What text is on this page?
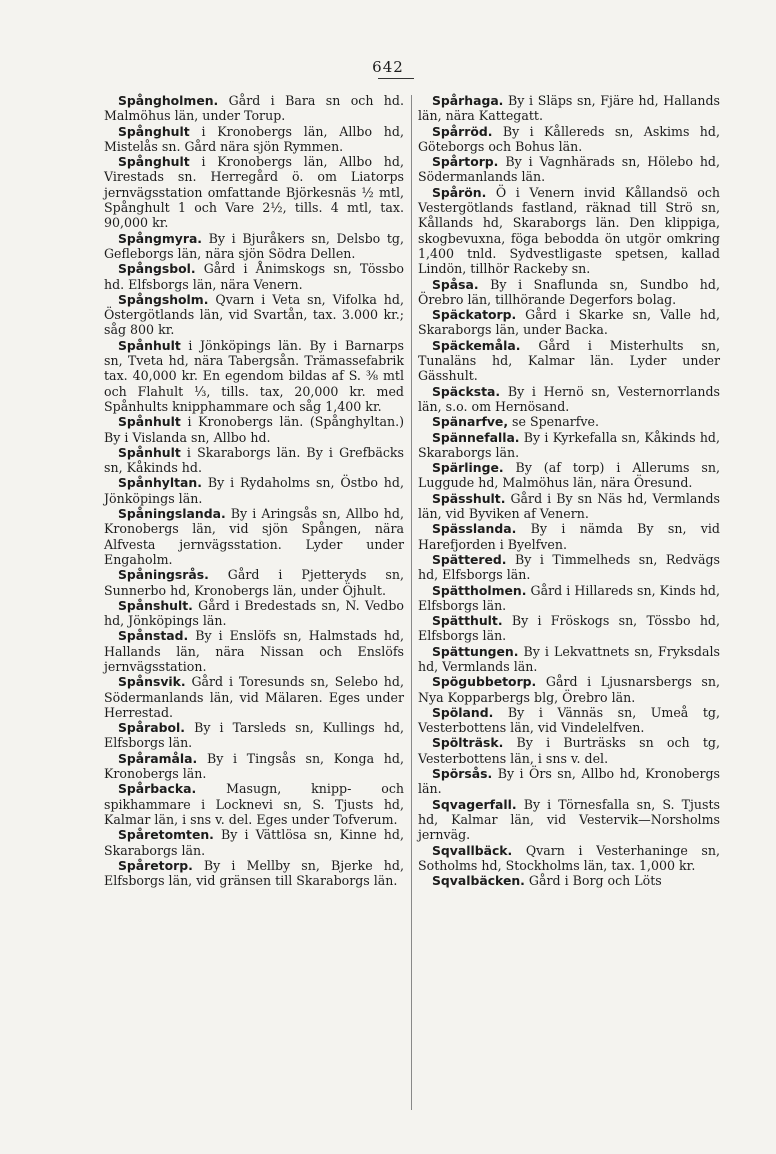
642

Spångholmen. Gård i Bara sn och hd. Malmöhus län, under Torup.

Spånghult i Kronobergs län, Allbo hd, Mistelås sn. Gård nära sjön Rymmen.

Spånghult i Kronobergs län, Allbo hd, Virestads sn. Herregård ö. om Liatorps jernvägsstation omfattande Björkesnäs ½ mtl, Spånghult 1 och Vare 2½, tills. 4 mtl, tax. 90,000 kr.

Spångmyra. By i Bjuråkers sn, Delsbo tg, Gefleborgs län, nära sjön Södra Dellen.

Spångsbol. Gård i Ånimskogs sn, Tössbo hd. Elfsborgs län, nära Venern.

Spångsholm. Qvarn i Veta sn, Vifolka hd, Östergötlands län, vid Svartån, tax. 3.000 kr.; såg 800 kr.

Spånhult i Jönköpings län. By i Barnarps sn, Tveta hd, nära Tabergsån. Trämassefabrik tax. 40,000 kr. En egendom bildas af S. ⅜ mtl och Flahult ⅓, tills. tax, 20,000 kr. med Spånhults knipphammare och såg 1,400 kr.

Spånhult i Kronobergs län. (Spånghyltan.) By i Vislanda sn, Allbo hd.

Spånhult i Skaraborgs län. By i Grefbäcks sn, Kåkinds hd.

Spånhyltan. By i Rydaholms sn, Östbo hd, Jönköpings län.

Spåningslanda. By i Aringsås sn, Allbo hd, Kronobergs län, vid sjön Spången, nära Alfvesta jernvägsstation. Lyder under Engaholm.

Spåningsrås. Gård i Pjetteryds sn, Sunnerbo hd, Kronobergs län, under Öjhult.

Spånshult. Gård i Bredestads sn, N. Vedbo hd, Jönköpings län.

Spånstad. By i Enslöfs sn, Halmstads hd, Hallands län, nära Nissan och Enslöfs jernvägsstation.

Spånsvik. Gård i Toresunds sn, Selebo hd, Södermanlands län, vid Mälaren. Eges under Herrestad.

Spårabol. By i Tarsleds sn, Kullings hd, Elfsborgs län.

Spåramåla. By i Tingsås sn, Konga hd, Kronobergs län.

Spårbacka. Masugn, knipp- och spikhammare i Locknevi sn, S. Tjusts hd, Kalmar län, i sns v. del. Eges under Tofverum.

Spåretomten. By i Vättlösa sn, Kinne hd, Skaraborgs län.

Spåretorp. By i Mellby sn, Bjerke hd, Elfsborgs län, vid gränsen till Skaraborgs län.

Spårhaga. By i Släps sn, Fjäre hd, Hallands län, nära Kattegatt.

Spårröd. By i Kållereds sn, Askims hd, Göteborgs och Bohus län.

Spårtorp. By i Vagnhärads sn, Hölebo hd, Södermanlands län.

Spårön. Ö i Venern invid Kållandsö och Vestergötlands fastland, räknad till Strö sn, Kållands hd, Skaraborgs län. Den klippiga, skogbevuxna, föga bebodda ön utgör omkring 1,400 tnld. Sydvestligaste spetsen, kallad Lindön, tillhör Rackeby sn.

Spåsa. By i Snaflunda sn, Sundbo hd, Örebro län, tillhörande Degerfors bolag.

Späckatorp. Gård i Skarke sn, Valle hd, Skaraborgs län, under Backa.

Späckemåla. Gård i Misterhults sn, Tunaläns hd, Kalmar län. Lyder under Gässhult.

Späcksta. By i Hernö sn, Vesternorrlands län, s.o. om Hernösand.

Spänarfve, se Spenarfve.

Spännefalla. By i Kyrkefalla sn, Kåkinds hd, Skaraborgs län.

Spärlinge. By (af torp) i Allerums sn, Luggude hd, Malmöhus län, nära Öresund.

Spässhult. Gård i By sn Näs hd, Vermlands län, vid Byviken af Venern.

Spässlanda. By i nämda By sn, vid Harefjorden i Byelfven.

Spättered. By i Timmelheds sn, Redvägs hd, Elfsborgs län.

Spättholmen. Gård i Hillareds sn, Kinds hd, Elfsborgs län.

Spätthult. By i Fröskogs sn, Tössbo hd, Elfsborgs län.

Spättungen. By i Lekvattnets sn, Fryksdals hd, Vermlands län.

Spögubbetorp. Gård i Ljusnarsbergs sn, Nya Kopparbergs blg, Örebro län.

Spöland. By i Vännäs sn, Umeå tg, Vesterbottens län, vid Vindelelfven.

Spölträsk. By i Burträsks sn och tg, Vesterbottens län, i sns v. del.

Spörsås. By i Örs sn, Allbo hd, Kronobergs län.

Sqvagerfall. By i Törnesfalla sn, S. Tjusts hd, Kalmar län, vid Vestervik—Norsholms jernväg.

Sqvallbäck. Qvarn i Vesterhaninge sn, Sotholms hd, Stockholms län, tax. 1,000 kr.

Sqvalbäcken. Gård i Borg och Löts
